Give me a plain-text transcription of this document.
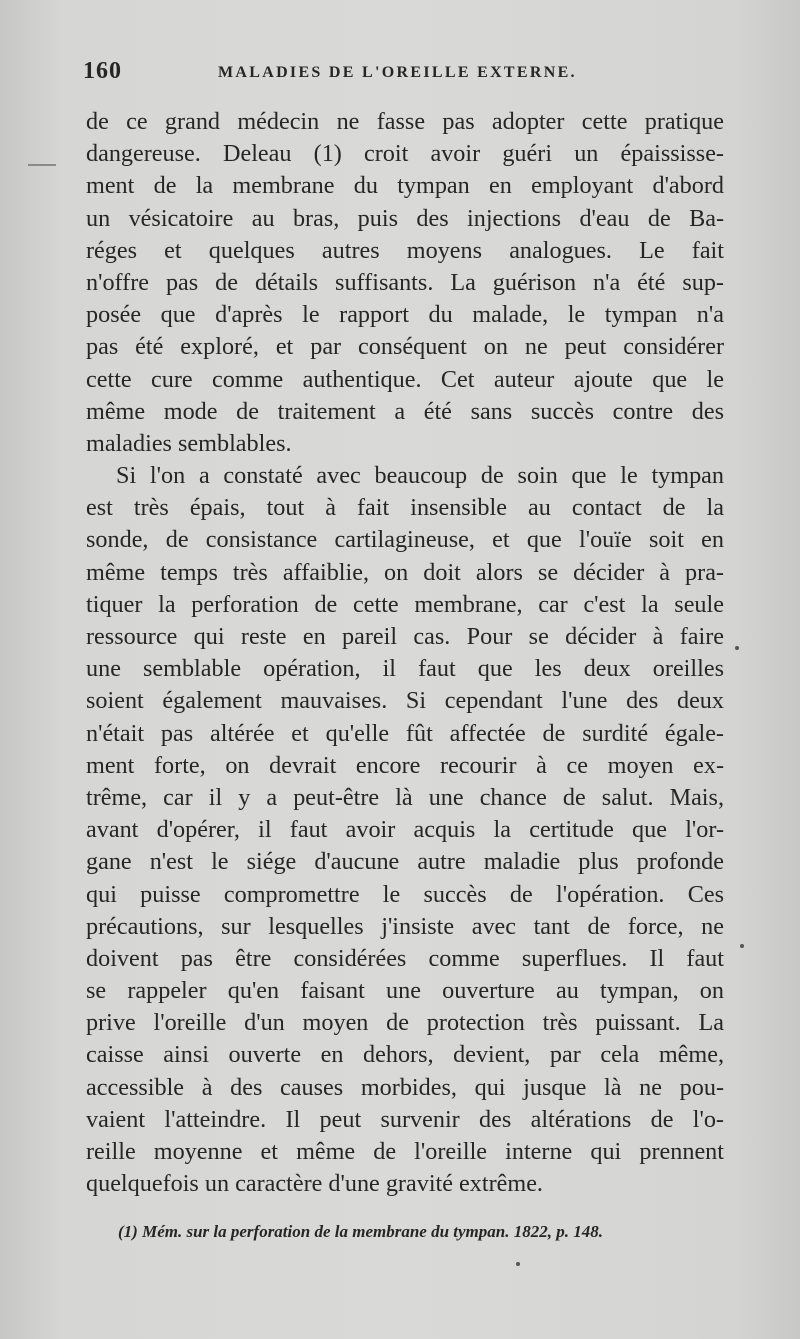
160	MALADIES DE L'OREILLE EXTERNE.
de ce grand médecin ne fasse pas adopter cette pratique
dangereuse. Deleau (1) croit avoir guéri un épaississe-
ment de la membrane du tympan en employant d'abord
un vésicatoire au bras, puis des injections d'eau de Ba-
réges et quelques autres moyens analogues. Le fait
n'offre pas de détails suffisants. La guérison n'a été sup-
posée que d'après le rapport du malade, le tympan n'a
pas été exploré, et par conséquent on ne peut considérer
cette cure comme authentique. Cet auteur ajoute que le
même mode de traitement a été sans succès contre des
maladies semblables.
Si l'on a constaté avec beaucoup de soin que le tympan
est très épais, tout à fait insensible au contact de la
sonde, de consistance cartilagineuse, et que l'ouïe soit en
même temps très affaiblie, on doit alors se décider à pra-
tiquer la perforation de cette membrane, car c'est la seule
ressource qui reste en pareil cas. Pour se décider à faire
une semblable opération, il faut que les deux oreilles
soient également mauvaises. Si cependant l'une des deux
n'était pas altérée et qu'elle fût affectée de surdité égale-
ment forte, on devrait encore recourir à ce moyen ex-
trême, car il y a peut-être là une chance de salut. Mais,
avant d'opérer, il faut avoir acquis la certitude que l'or-
gane n'est le siége d'aucune autre maladie plus profonde
qui puisse compromettre le succès de l'opération. Ces
précautions, sur lesquelles j'insiste avec tant de force, ne
doivent pas être considérées comme superflues. Il faut
se rappeler qu'en faisant une ouverture au tympan, on
prive l'oreille d'un moyen de protection très puissant. La
caisse ainsi ouverte en dehors, devient, par cela même,
accessible à des causes morbides, qui jusque là ne pou-
vaient l'atteindre. Il peut survenir des altérations de l'o-
reille moyenne et même de l'oreille interne qui prennent
quelquefois un caractère d'une gravité extrême.
(1) Mém. sur la perforation de la membrane du tympan. 1822, p. 148.
